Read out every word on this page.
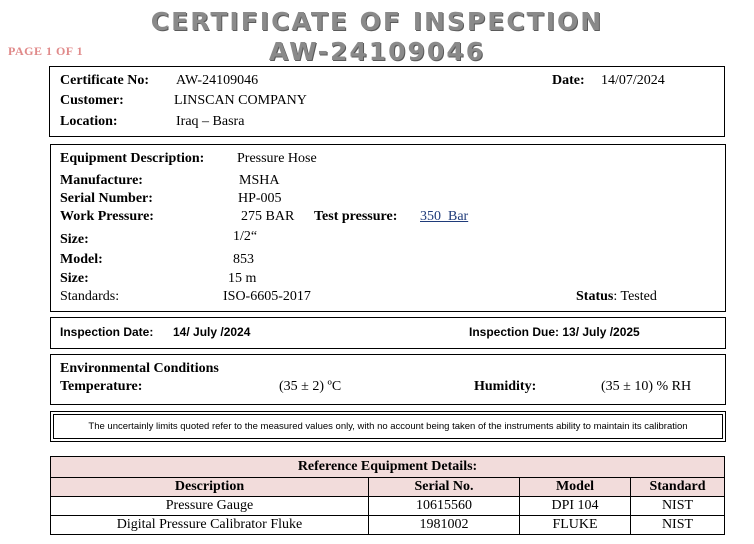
CERTIFICATE OF INSPECTION
AW-24109046
PAGE 1 OF 1
Certificate No: AW-24109046	Date: 14/07/2024
Customer:	LINSCAN COMPANY
Location:	Iraq – Basra
Equipment Description: Pressure Hose
Manufacture:	MSHA
Serial Number:	HP-005
Work Pressure:	275 BAR Test pressure: 350  Bar
Size:	1/2“
Model:	853
Size:	15 m
Standards:	ISO-6605-2017	Status: Tested
Inspection Date: 14/ July /2024	Inspection Due: 13/ July /2025
Environmental Conditions
Temperature:	(35 ± 2) ºC	Humidity:	(35 ± 10) % RH
The uncertainly limits quoted refer to the measured values only, with no account being taken of the instruments ability to maintain its calibration
Reference Equipment Details:			
Description	Serial No.	Model	Standard
Pressure Gauge	10615560	DPI 104	NIST
Digital Pressure Calibrator Fluke	1981002	FLUKE	NIST
